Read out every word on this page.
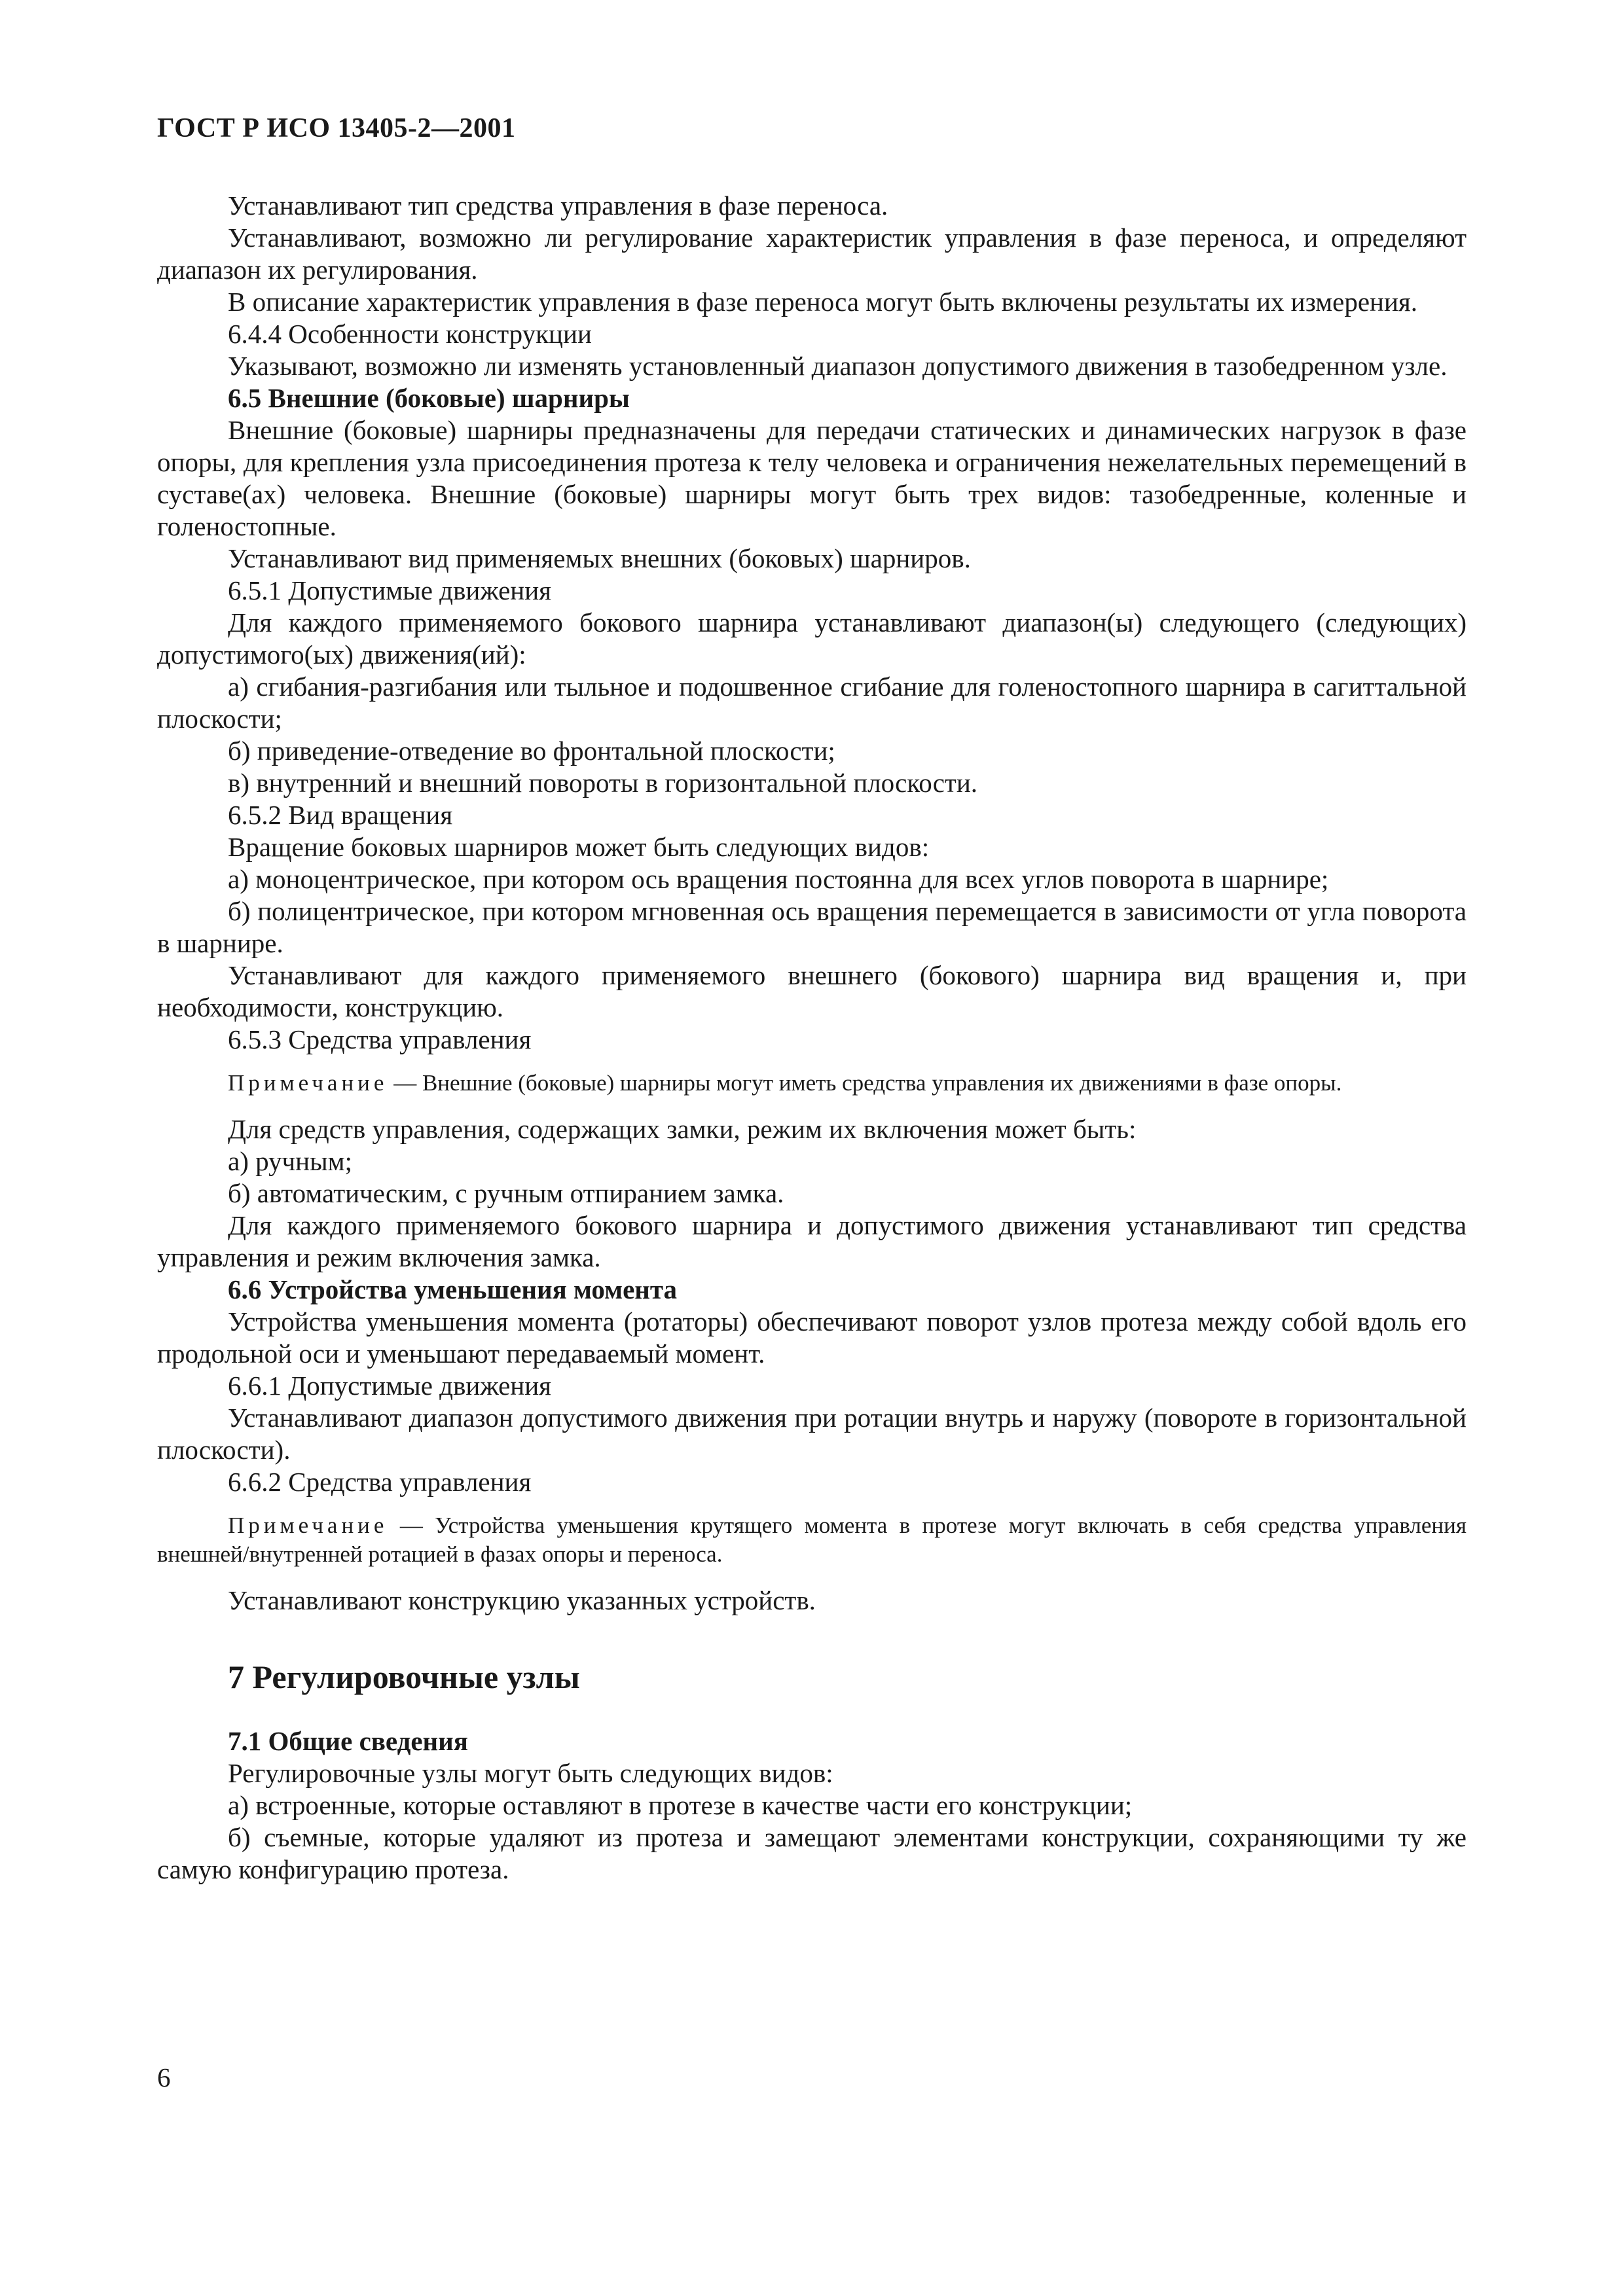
ГОСТ Р ИСО 13405-2—2001

Устанавливают тип средства управления в фазе переноса.

Устанавливают, возможно ли регулирование характеристик управления в фазе переноса, и определяют диапазон их регулирования.

В описание характеристик управления в фазе переноса могут быть включены результаты их измерения.

6.4.4 Особенности конструкции

Указывают, возможно ли изменять установленный диапазон допустимого движения в тазобедренном узле.

6.5 Внешние (боковые) шарниры

Внешние (боковые) шарниры предназначены для передачи статических и динамических нагрузок в фазе опоры, для крепления узла присоединения протеза к телу человека и ограничения нежелательных перемещений в суставе(ах) человека. Внешние (боковые) шарниры могут быть трех видов: тазобедренные, коленные и голеностопные.

Устанавливают вид применяемых внешних (боковых) шарниров.

6.5.1 Допустимые движения

Для каждого применяемого бокового шарнира устанавливают диапазон(ы) следующего (следующих) допустимого(ых) движения(ий):

а) сгибания-разгибания или тыльное и подошвенное сгибание для голеностопного шарнира в сагиттальной плоскости;

б) приведение-отведение во фронтальной плоскости;

в) внутренний и внешний повороты в горизонтальной плоскости.

6.5.2 Вид вращения

Вращение боковых шарниров может быть следующих видов:

а) моноцентрическое, при котором ось вращения постоянна для всех углов поворота в шарнире;

б) полицентрическое, при котором мгновенная ось вращения перемещается в зависимости от угла поворота в шарнире.

Устанавливают для каждого применяемого внешнего (бокового) шарнира вид вращения и, при необходимости, конструкцию.

6.5.3 Средства управления

Примечание — Внешние (боковые) шарниры могут иметь средства управления их движениями в фазе опоры.

Для средств управления, содержащих замки, режим их включения может быть:

а) ручным;

б) автоматическим, с ручным отпиранием замка.

Для каждого применяемого бокового шарнира и допустимого движения устанавливают тип средства управления и режим включения замка.

6.6 Устройства уменьшения момента

Устройства уменьшения момента (ротаторы) обеспечивают поворот узлов протеза между собой вдоль его продольной оси и уменьшают передаваемый момент.

6.6.1 Допустимые движения

Устанавливают диапазон допустимого движения при ротации внутрь и наружу (повороте в горизонтальной плоскости).

6.6.2 Средства управления

Примечание — Устройства уменьшения крутящего момента в протезе могут включать в себя средства управления внешней/внутренней ротацией в фазах опоры и переноса.

Устанавливают конструкцию указанных устройств.

7 Регулировочные узлы

7.1 Общие сведения

Регулировочные узлы могут быть следующих видов:

а) встроенные, которые оставляют в протезе в качестве части его конструкции;

б) съемные, которые удаляют из протеза и замещают элементами конструкции, сохраняющими ту же самую конфигурацию протеза.

6
